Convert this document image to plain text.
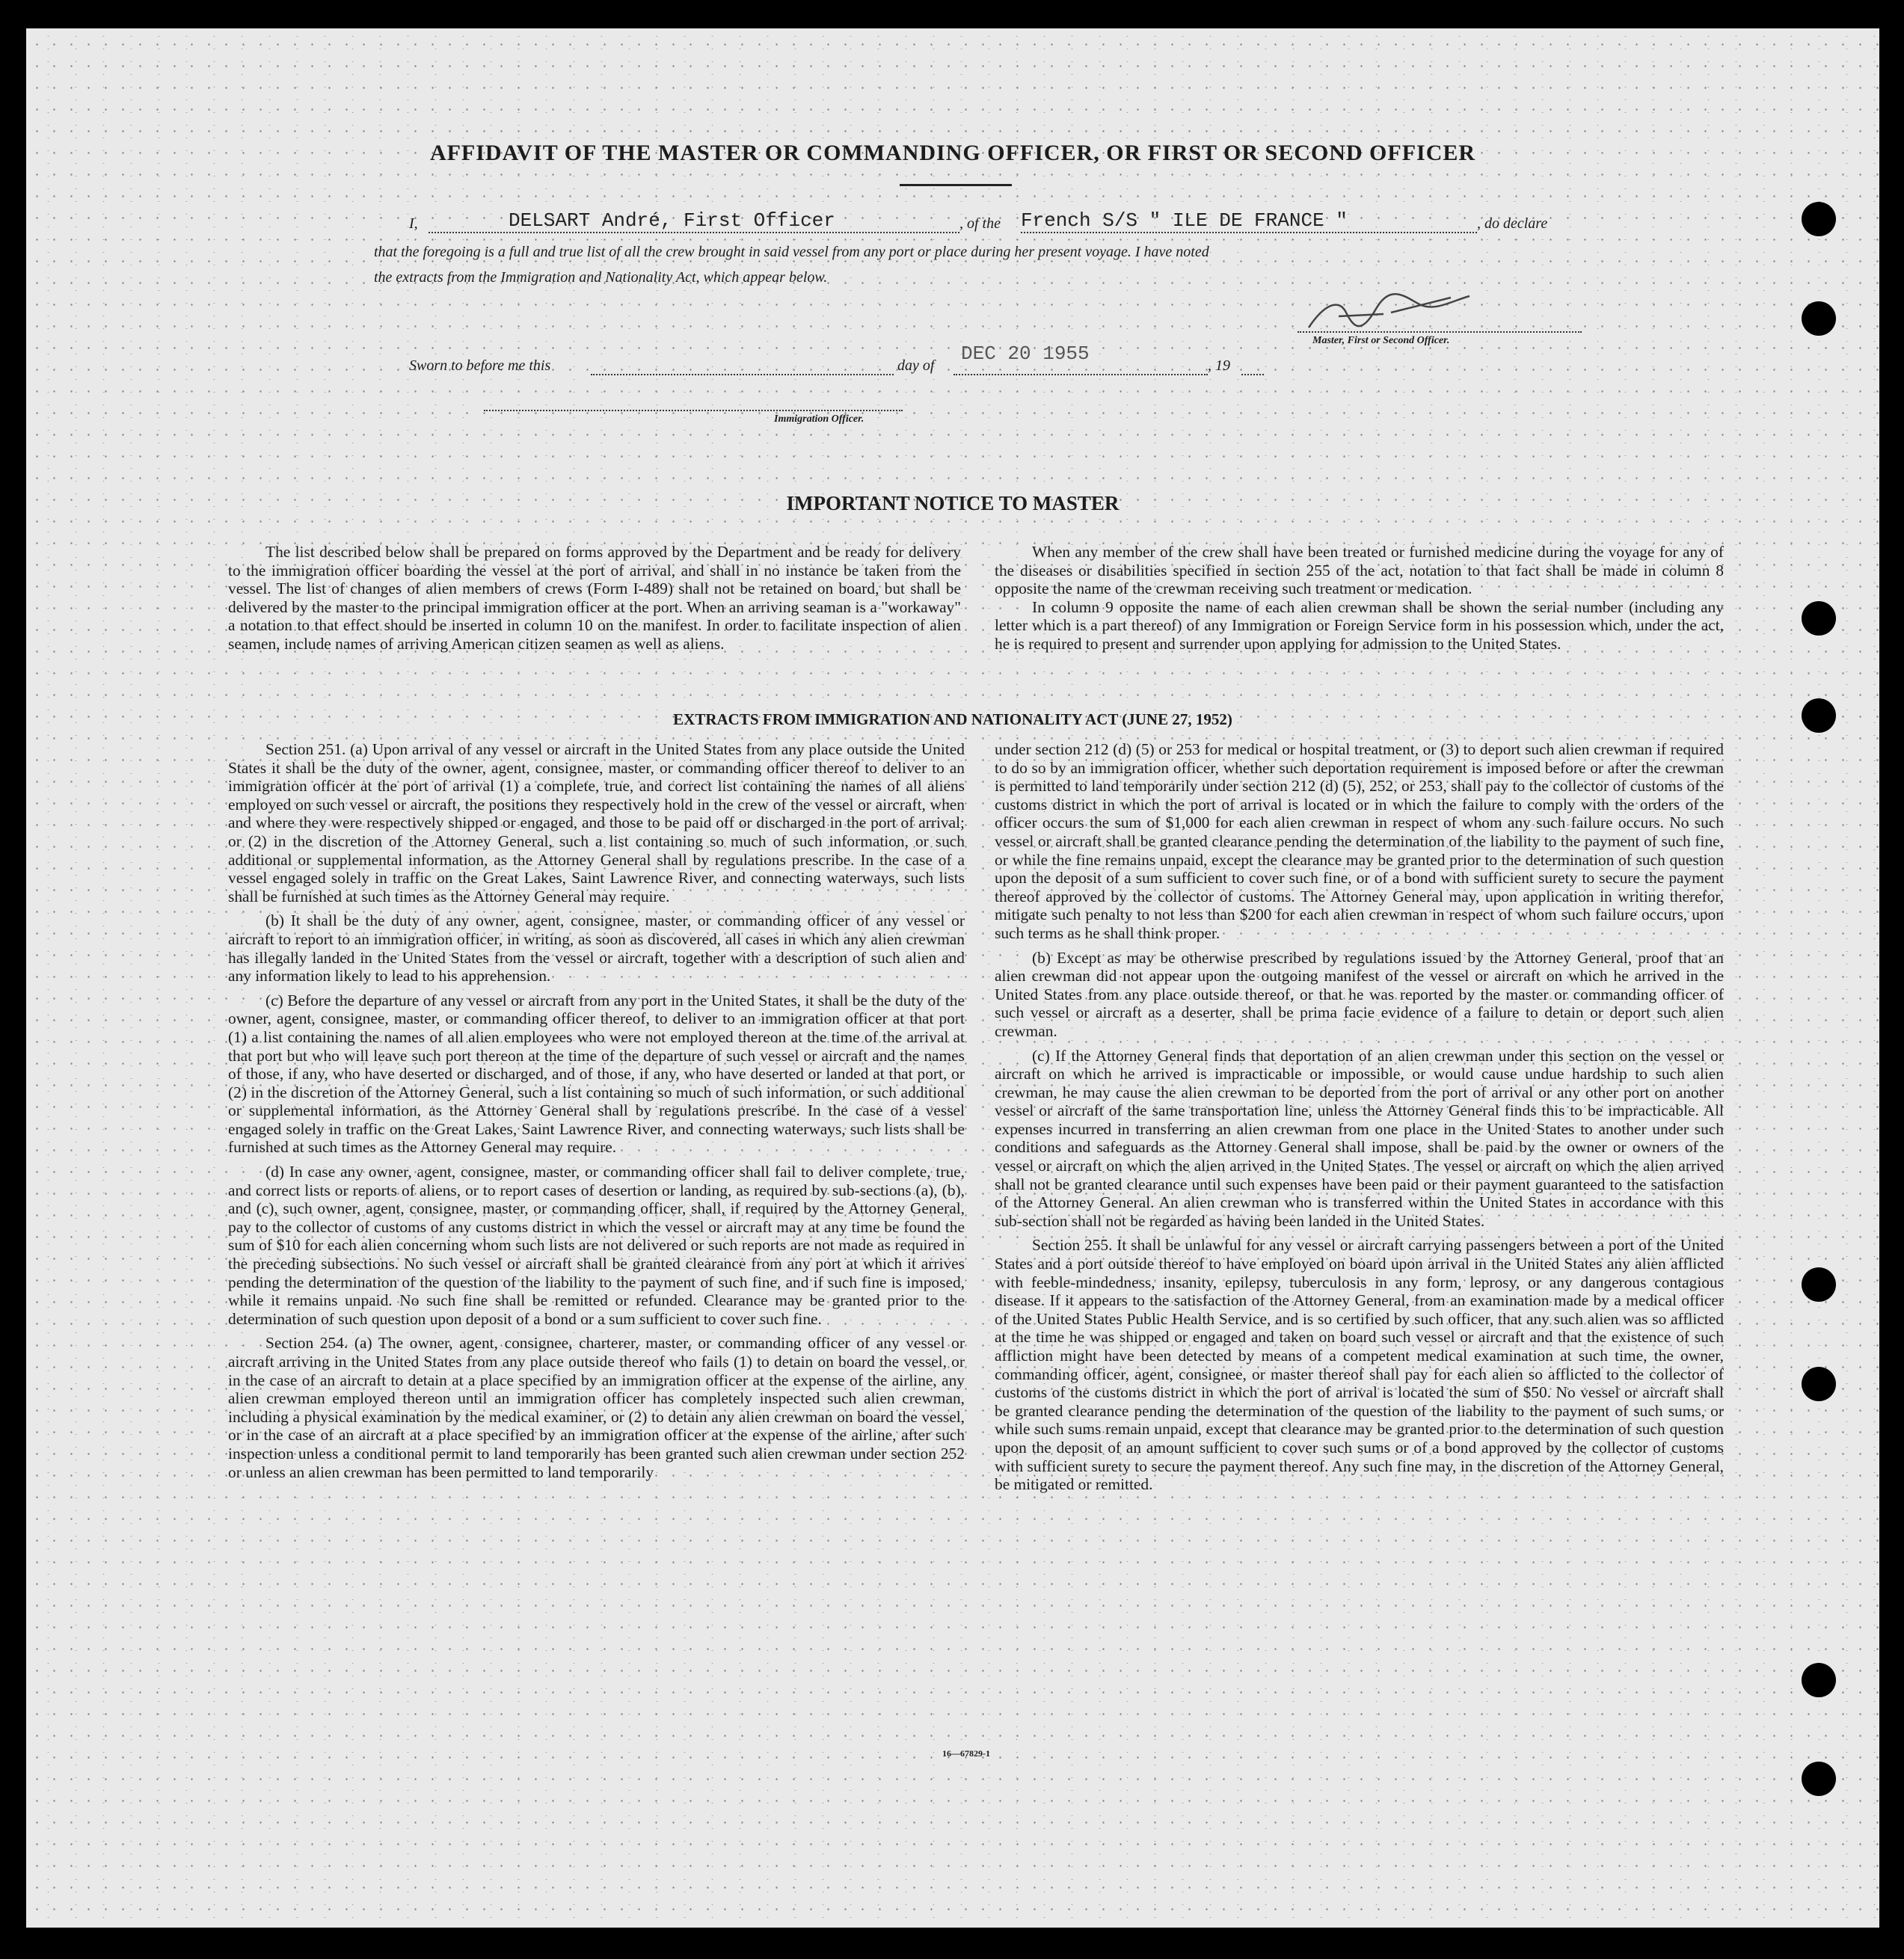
AFFIDAVIT OF THE MASTER OR COMMANDING OFFICER, OR FIRST OR SECOND OFFICER
I,	DELSART André, First Officer	, of the French S/S " ILE DE FRANCE "	, do declare
that the foregoing is a full and true list of all the crew brought in said vessel from any port or place during her present voyage. I have noted
the extracts from the Immigration and Nationality Act, which appear below.
Master, First or Second Officer.
Sworn to before me this	day of
DEC 20 1955
, 19
Immigration Officer.
IMPORTANT NOTICE TO MASTER

The list described below shall be prepared on forms approved by the Department and be ready for delivery to the immigration officer boarding the vessel at the port of arrival, and shall in no instance be taken from the vessel. The list of changes of alien members of crews (Form I-489) shall not be retained on board, but shall be delivered by the master to the principal immigration officer at the port. When an arriving seaman is a "workaway" a notation to that effect should be inserted in column 10 on the manifest. In order to facilitate inspection of alien seamen, include names of arriving American citizen seamen as well as aliens.

When any member of the crew shall have been treated or furnished medicine during the voyage for any of the diseases or disabilities specified in section 255 of the act, notation to that fact shall be made in column 8 opposite the name of the crewman receiving such treatment or medication.

In column 9 opposite the name of each alien crewman shall be shown the serial number (including any letter which is a part thereof) of any Immigration or Foreign Service form in his possession which, under the act, he is required to present and surrender upon applying for admission to the United States.

EXTRACTS FROM IMMIGRATION AND NATIONALITY ACT (JUNE 27, 1952)

Section 251. (a) Upon arrival of any vessel or aircraft in the United States from any place outside the United States it shall be the duty of the owner, agent, consignee, master, or commanding officer thereof to deliver to an immigration officer at the port of arrival (1) a complete, true, and correct list containing the names of all aliens employed on such vessel or aircraft, the positions they respectively hold in the crew of the vessel or aircraft, when and where they were respectively shipped or engaged, and those to be paid off or discharged in the port of arrival; or (2) in the discretion of the Attorney General, such a list containing so much of such information, or such additional or supplemental information, as the Attorney General shall by regulations prescribe. In the case of a vessel engaged solely in traffic on the Great Lakes, Saint Lawrence River, and connecting waterways, such lists shall be furnished at such times as the Attorney General may require.

(b) It shall be the duty of any owner, agent, consignee, master, or commanding officer of any vessel or aircraft to report to an immigration officer, in writing, as soon as discovered, all cases in which any alien crewman has illegally landed in the United States from the vessel or aircraft, together with a description of such alien and any information likely to lead to his apprehension.

(c) Before the departure of any vessel or aircraft from any port in the United States, it shall be the duty of the owner, agent, consignee, master, or commanding officer thereof, to deliver to an immigration officer at that port (1) a list containing the names of all alien employees who were not employed thereon at the time of the arrival at that port but who will leave such port thereon at the time of the departure of such vessel or aircraft and the names of those, if any, who have deserted or discharged, and of those, if any, who have deserted or landed at that port, or (2) in the discretion of the Attorney General, such a list containing so much of such information, or such additional or supplemental information, as the Attorney General shall by regulations prescribe. In the case of a vessel engaged solely in traffic on the Great Lakes, Saint Lawrence River, and connecting waterways, such lists shall be furnished at such times as the Attorney General may require.

(d) In case any owner, agent, consignee, master, or commanding officer shall fail to deliver complete, true, and correct lists or reports of aliens, or to report cases of desertion or landing, as required by sub-sections (a), (b), and (c), such owner, agent, consignee, master, or commanding officer, shall, if required by the Attorney General, pay to the collector of customs of any customs district in which the vessel or aircraft may at any time be found the sum of $10 for each alien concerning whom such lists are not delivered or such reports are not made as required in the preceding subsections. No such vessel or aircraft shall be granted clearance from any port at which it arrives pending the determination of the question of the liability to the payment of such fine, and if such fine is imposed, while it remains unpaid. No such fine shall be remitted or refunded. Clearance may be granted prior to the determination of such question upon deposit of a bond or a sum sufficient to cover such fine.

Section 254. (a) The owner, agent, consignee, charterer, master, or commanding officer of any vessel or aircraft arriving in the United States from any place outside thereof who fails (1) to detain on board the vessel, or in the case of an aircraft to detain at a place specified by an immigration officer at the expense of the airline, any alien crewman employed thereon until an immigration officer has completely inspected such alien crewman, including a physical examination by the medical examiner, or (2) to detain any alien crewman on board the vessel, or in the case of an aircraft at a place specified by an immigration officer at the expense of the airline, after such inspection unless a conditional permit to land temporarily has been granted such alien crewman under section 252 or unless an alien crewman has been permitted to land temporarily

under section 212 (d) (5) or 253 for medical or hospital treatment, or (3) to deport such alien crewman if required to do so by an immigration officer, whether such deportation requirement is imposed before or after the crewman is permitted to land temporarily under section 212 (d) (5), 252, or 253, shall pay to the collector of customs of the customs district in which the port of arrival is located or in which the failure to comply with the orders of the officer occurs the sum of $1,000 for each alien crewman in respect of whom any such failure occurs. No such vessel or aircraft shall be granted clearance pending the determination of the liability to the payment of such fine, or while the fine remains unpaid, except the clearance may be granted prior to the determination of such question upon the deposit of a sum sufficient to cover such fine, or of a bond with sufficient surety to secure the payment thereof approved by the collector of customs. The Attorney General may, upon application in writing therefor, mitigate such penalty to not less than $200 for each alien crewman in respect of whom such failure occurs, upon such terms as he shall think proper.

(b) Except as may be otherwise prescribed by regulations issued by the Attorney General, proof that an alien crewman did not appear upon the outgoing manifest of the vessel or aircraft on which he arrived in the United States from any place outside thereof, or that he was reported by the master or commanding officer of such vessel or aircraft as a deserter, shall be prima facie evidence of a failure to detain or deport such alien crewman.

(c) If the Attorney General finds that deportation of an alien crewman under this section on the vessel or aircraft on which he arrived is impracticable or impossible, or would cause undue hardship to such alien crewman, he may cause the alien crewman to be deported from the port of arrival or any other port on another vessel or aircraft of the same transportation line, unless the Attorney General finds this to be impracticable. All expenses incurred in transferring an alien crewman from one place in the United States to another under such conditions and safeguards as the Attorney General shall impose, shall be paid by the owner or owners of the vessel or aircraft on which the alien arrived in the United States. The vessel or aircraft on which the alien arrived shall not be granted clearance until such expenses have been paid or their payment guaranteed to the satisfaction of the Attorney General. An alien crewman who is transferred within the United States in accordance with this sub-section shall not be regarded as having been landed in the United States.

Section 255. It shall be unlawful for any vessel or aircraft carrying passengers between a port of the United States and a port outside thereof to have employed on board upon arrival in the United States any alien afflicted with feeble-mindedness, insanity, epilepsy, tuberculosis in any form, leprosy, or any dangerous contagious disease. If it appears to the satisfaction of the Attorney General, from an examination made by a medical officer of the United States Public Health Service, and is so certified by such officer, that any such alien was so afflicted at the time he was shipped or engaged and taken on board such vessel or aircraft and that the existence of such affliction might have been detected by means of a competent medical examination at such time, the owner, commanding officer, agent, consignee, or master thereof shall pay for each alien so afflicted to the collector of customs of the customs district in which the port of arrival is located the sum of $50. No vessel or aircraft shall be granted clearance pending the determination of the question of the liability to the payment of such sums, or while such sums remain unpaid, except that clearance may be granted prior to the determination of such question upon the deposit of an amount sufficient to cover such sums or of a bond approved by the collector of customs with sufficient surety to secure the payment thereof. Any such fine may, in the discretion of the Attorney General, be mitigated or remitted.

16—67829-1
